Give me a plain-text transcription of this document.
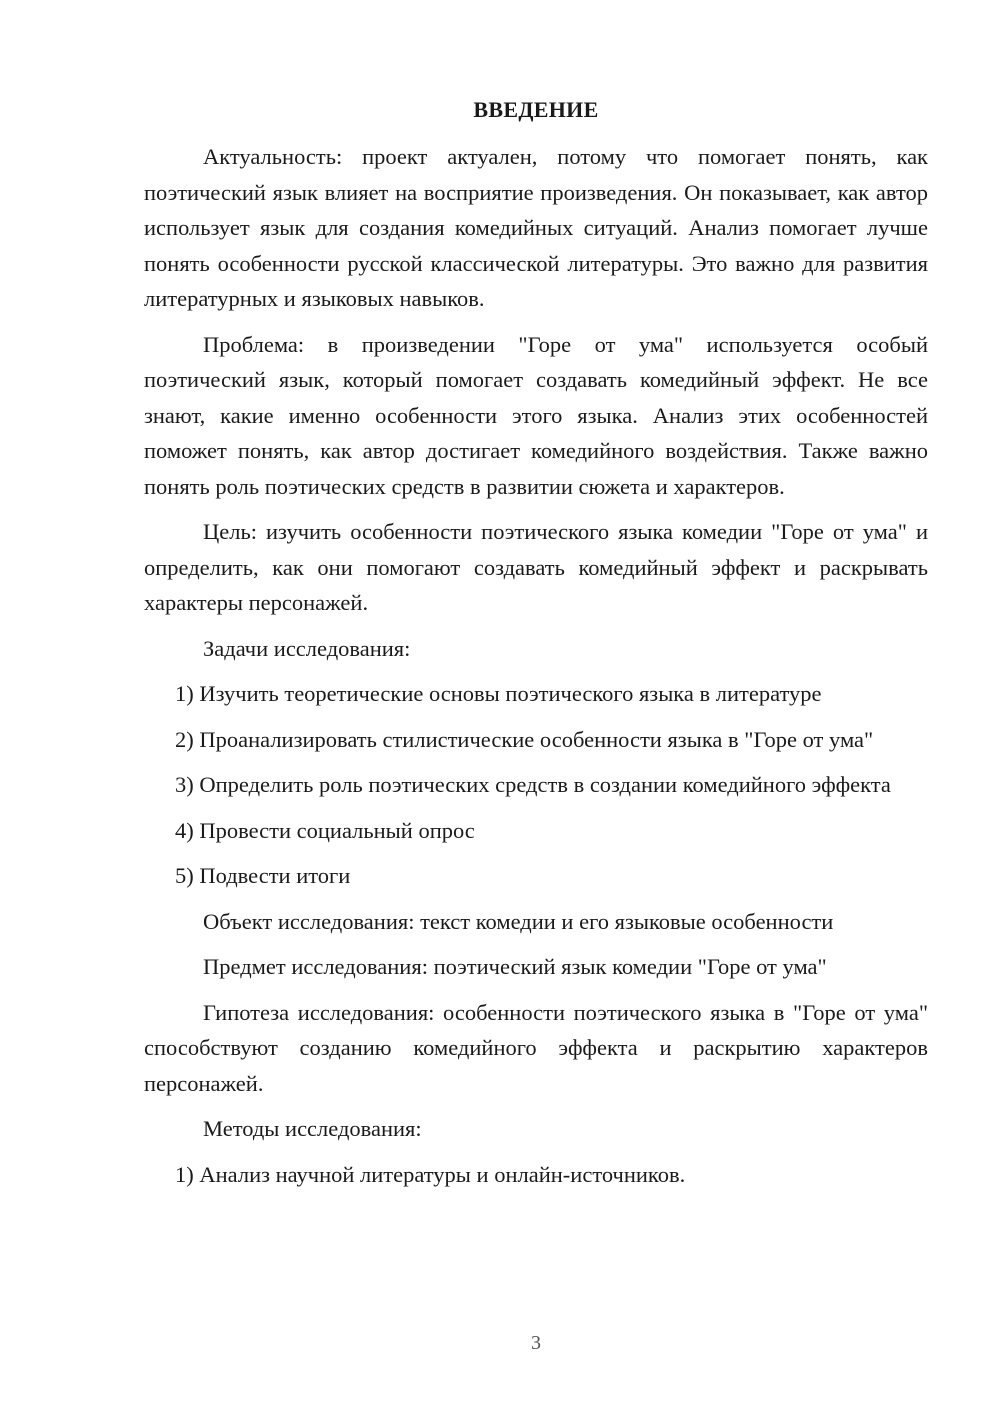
ВВЕДЕНИЕ

Актуальность: проект актуален, потому что помогает понять, как поэтический язык влияет на восприятие произведения. Он показывает, как автор использует язык для создания комедийных ситуаций. Анализ помогает лучше понять особенности русской классической литературы. Это важно для развития литературных и языковых навыков.

Проблема: в произведении "Горе от ума" используется особый поэтический язык, который помогает создавать комедийный эффект. Не все знают, какие именно особенности этого языка. Анализ этих особенностей поможет понять, как автор достигает комедийного воздействия. Также важно понять роль поэтических средств в развитии сюжета и характеров.

Цель: изучить особенности поэтического языка комедии "Горе от ума" и определить, как они помогают создавать комедийный эффект и раскрывать характеры персонажей.

Задачи исследования:

1) Изучить теоретические основы поэтического языка в литературе

2) Проанализировать стилистические особенности языка в "Горе от ума"

3) Определить роль поэтических средств в создании комедийного эффекта

4) Провести социальный опрос

5) Подвести итоги

Объект исследования: текст комедии и его языковые особенности

Предмет исследования: поэтический язык комедии "Горе от ума"

Гипотеза исследования: особенности поэтического языка в "Горе от ума" способствуют созданию комедийного эффекта и раскрытию характеров персонажей.

Методы исследования:

1) Анализ научной литературы и онлайн-источников.

3
